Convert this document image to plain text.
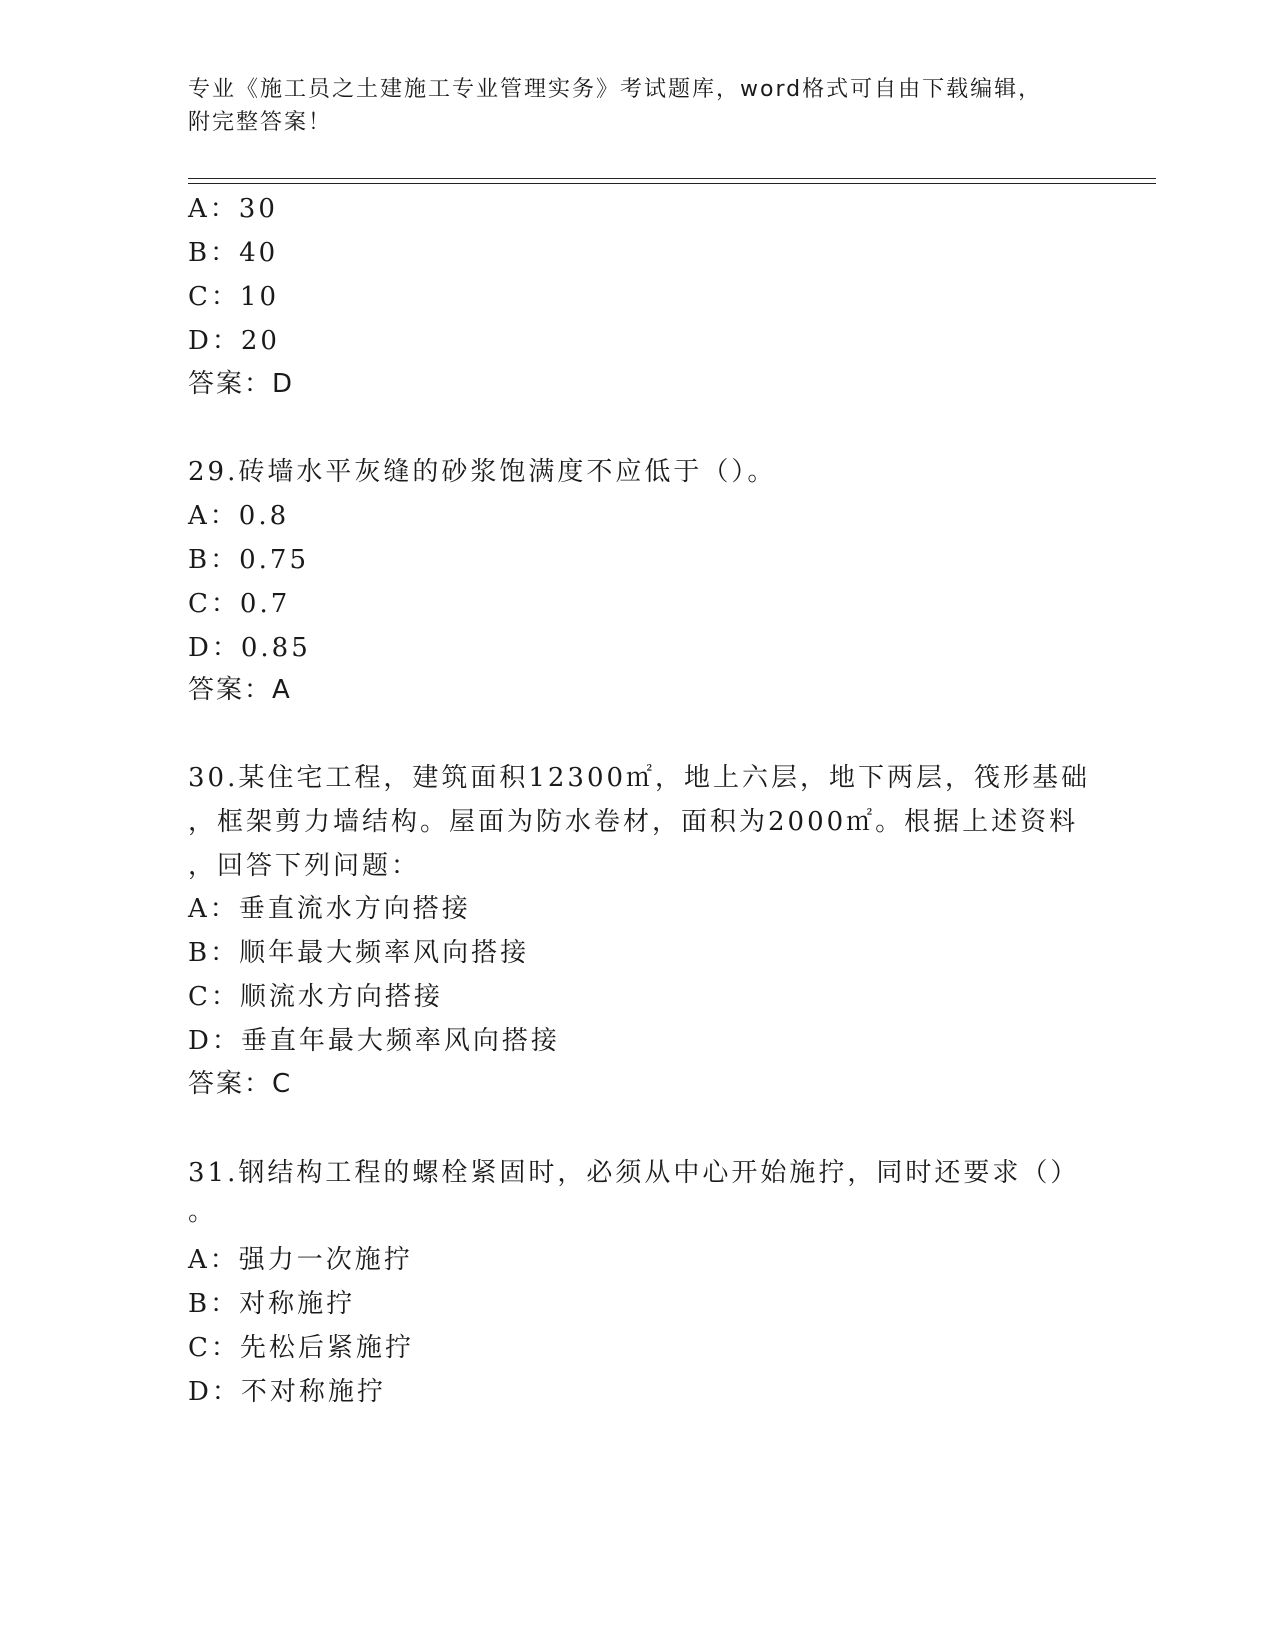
专业《施工员之土建施工专业管理实务》考试题库，word格式可自由下载编辑，
附完整答案！
A：30
B：40
C：10
D：20
答案：D
29.砖墙水平灰缝的砂浆饱满度不应低于（）。
A：0.8
B：0.75
C：0.7
D：0.85
答案：A
30.某住宅工程，建筑面积12300㎡，地上六层，地下两层，筏形基础
，框架剪力墙结构。屋面为防水卷材，面积为2000㎡。根据上述资料
，回答下列问题：
A：垂直流水方向搭接
B：顺年最大频率风向搭接
C：顺流水方向搭接
D：垂直年最大频率风向搭接
答案：C
31.钢结构工程的螺栓紧固时，必须从中心开始施拧，同时还要求（）
。
A：强力一次施拧
B：对称施拧
C：先松后紧施拧
D：不对称施拧
